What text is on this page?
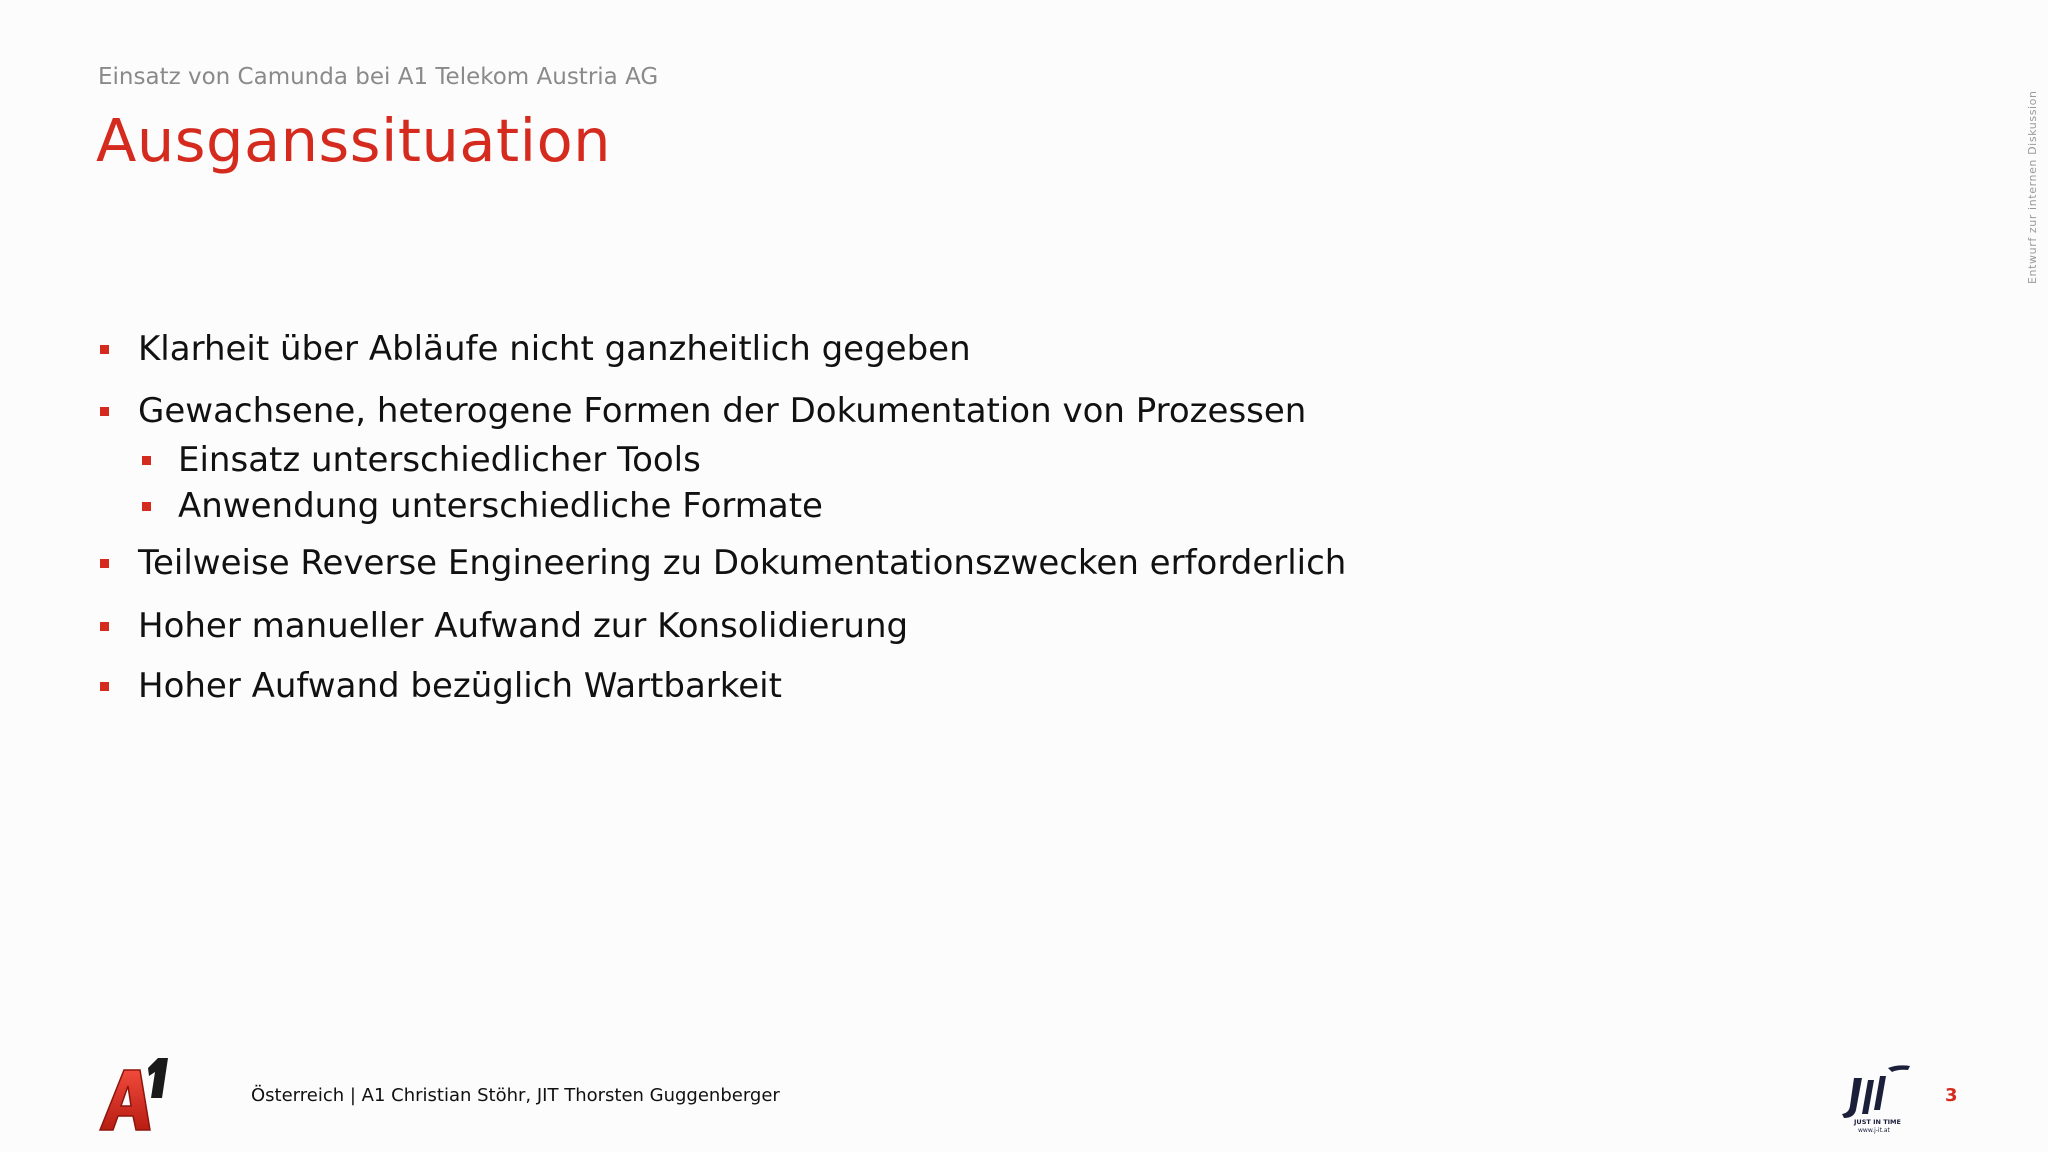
Einsatz von Camunda bei A1 Telekom Austria AG
Ausganssituation	Entwurf zur internen Diskussion
Klarheit über Abläufe nicht ganzheitlich gegeben
Gewachsene, heterogene Formen der Dokumentation von Prozessen
Einsatz unterschiedlicher Tools
Anwendung unterschiedliche Formate
Teilweise Reverse Engineering zu Dokumentationszwecken erforderlich
Hoher manueller Aufwand zur Konsolidierung
Hoher Aufwand bezüglich Wartbarkeit
Österreich | A1 Christian Stöhr, JIT Thorsten Guggenberger
JUST IN TIME
www.j-it.at
3
